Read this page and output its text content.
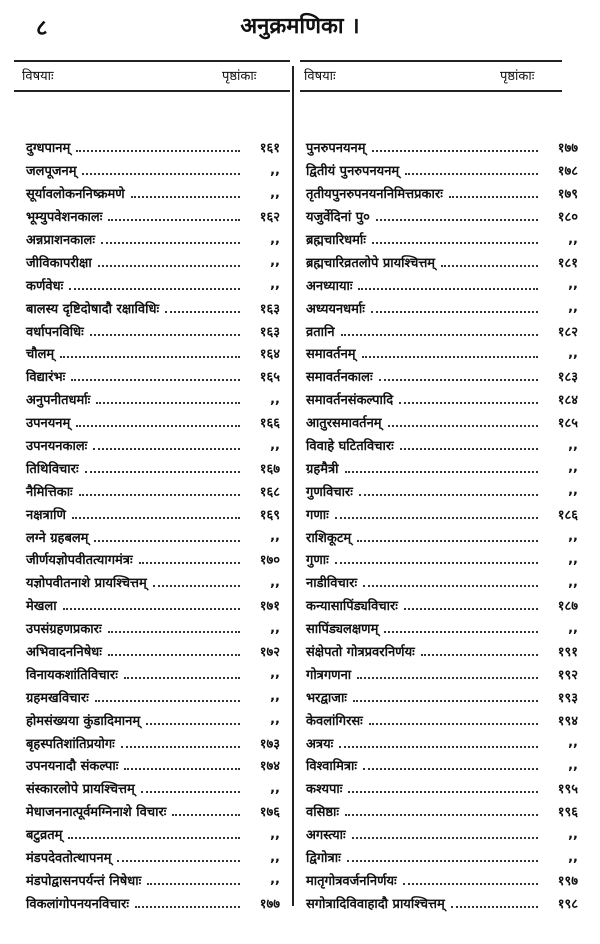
८	अनुक्रमणिका ।
विषयाः	पृष्ठांकाः	विषयाः	पृष्ठांकाः
दुग्धपानम्	१६१
जलपूजनम्	,,
सूर्यावलोकननिष्क्रमणे	,,
भूम्युपवेशनकालः	१६२
अन्नप्राशनकालः	,,
जीविकापरीक्षा	,,
कर्णवेधः	,,
बालस्य दृष्टिदोषादौ रक्षाविधिः	१६३
वर्धापनविधिः	१६३
चौलम्	१६४
विद्यारंभः	१६५
अनुपनीतधर्माः	,,
उपनयनम्	१६६
उपनयनकालः	,,
तिथिविचारः	१६७
नैमित्तिकाः	१६८
नक्षत्राणि	१६९
लग्ने ग्रहबलम्	,,
जीर्णयज्ञोपवीतत्यागमंत्रः	१७०
यज्ञोपवीतनाशे प्रायश्चित्तम्	,,
मेखला	१७१
उपसंग्रहणप्रकारः	,,
अभिवादननिषेधः	१७२
विनायकशांतिविचारः	,,
ग्रहमखविचारः	,,
होमसंख्यया कुंडादिमानम्	,,
बृहस्पतिशांतिप्रयोगः	१७३
उपनयनादौ संकल्पाः	१७४
संस्कारलोपे प्रायश्चित्तम्	,,
मेधाजननात्पूर्वमग्निनाशे विचारः	१७६
बटुव्रतम्	,,
मंडपदेवतोत्थापनम्	,,
मंडपोद्वासनपर्यन्तं निषेधाः	,,
विकलांगोपनयनविचारः	१७७
पुनरुपनयनम्	१७७
द्वितीयं पुनरुपनयनम्	१७८
तृतीयपुनरुपनयननिमित्तप्रकारः	१७९
यजुर्वेदिनां पु०	१८०
ब्रह्मचारिधर्माः	,,
ब्रह्मचारिव्रतलोपे प्रायश्चित्तम्	१८१
अनध्यायाः	,,
अध्ययनधर्माः	,,
व्रतानि	१८२
समावर्तनम्	,,
समावर्तनकालः	१८३
समावर्तनसंकल्पादि	१८४
आतुरसमावर्तनम्	१८५
विवाहे घटितविचारः	,,
ग्रहमैत्री	,,
गुणविचारः	,,
गणाः	१८६
राशिकूटम्	,,
गुणाः	,,
नाडीविचारः	,,
कन्यासापिंड्यविचारः	१८७
सापिंड्यलक्षणम्	,,
संक्षेपतो गोत्रप्रवरनिर्णयः	१९१
गोत्रगणना	१९२
भरद्वाजाः	१९३
केवलांगिरसः	१९४
अत्रयः	,,
विश्वामित्राः	,,
कश्यपाः	१९५
वसिष्ठाः	१९६
अगस्त्याः	,,
द्विगोत्राः	,,
मातृगोत्रवर्जननिर्णयः	१९७
सगोत्रादिविवाहादौ प्रायश्चित्तम्	१९८
